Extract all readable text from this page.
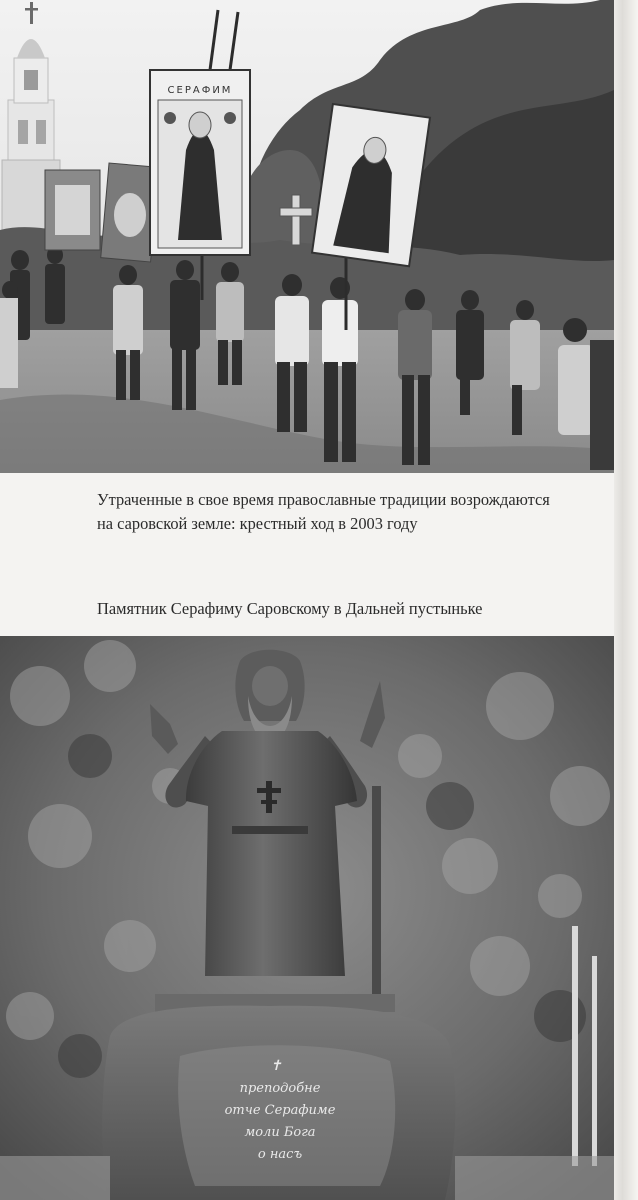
СЕРАФИМ
Утраченные в свое время православные традиции возрождаются
на саровской земле: крестный ход в 2003 году
Памятник Серафиму Саровскому в Дальней пустыньке
✝
преподобне
отче Серафиме
моли Бога
о насъ
